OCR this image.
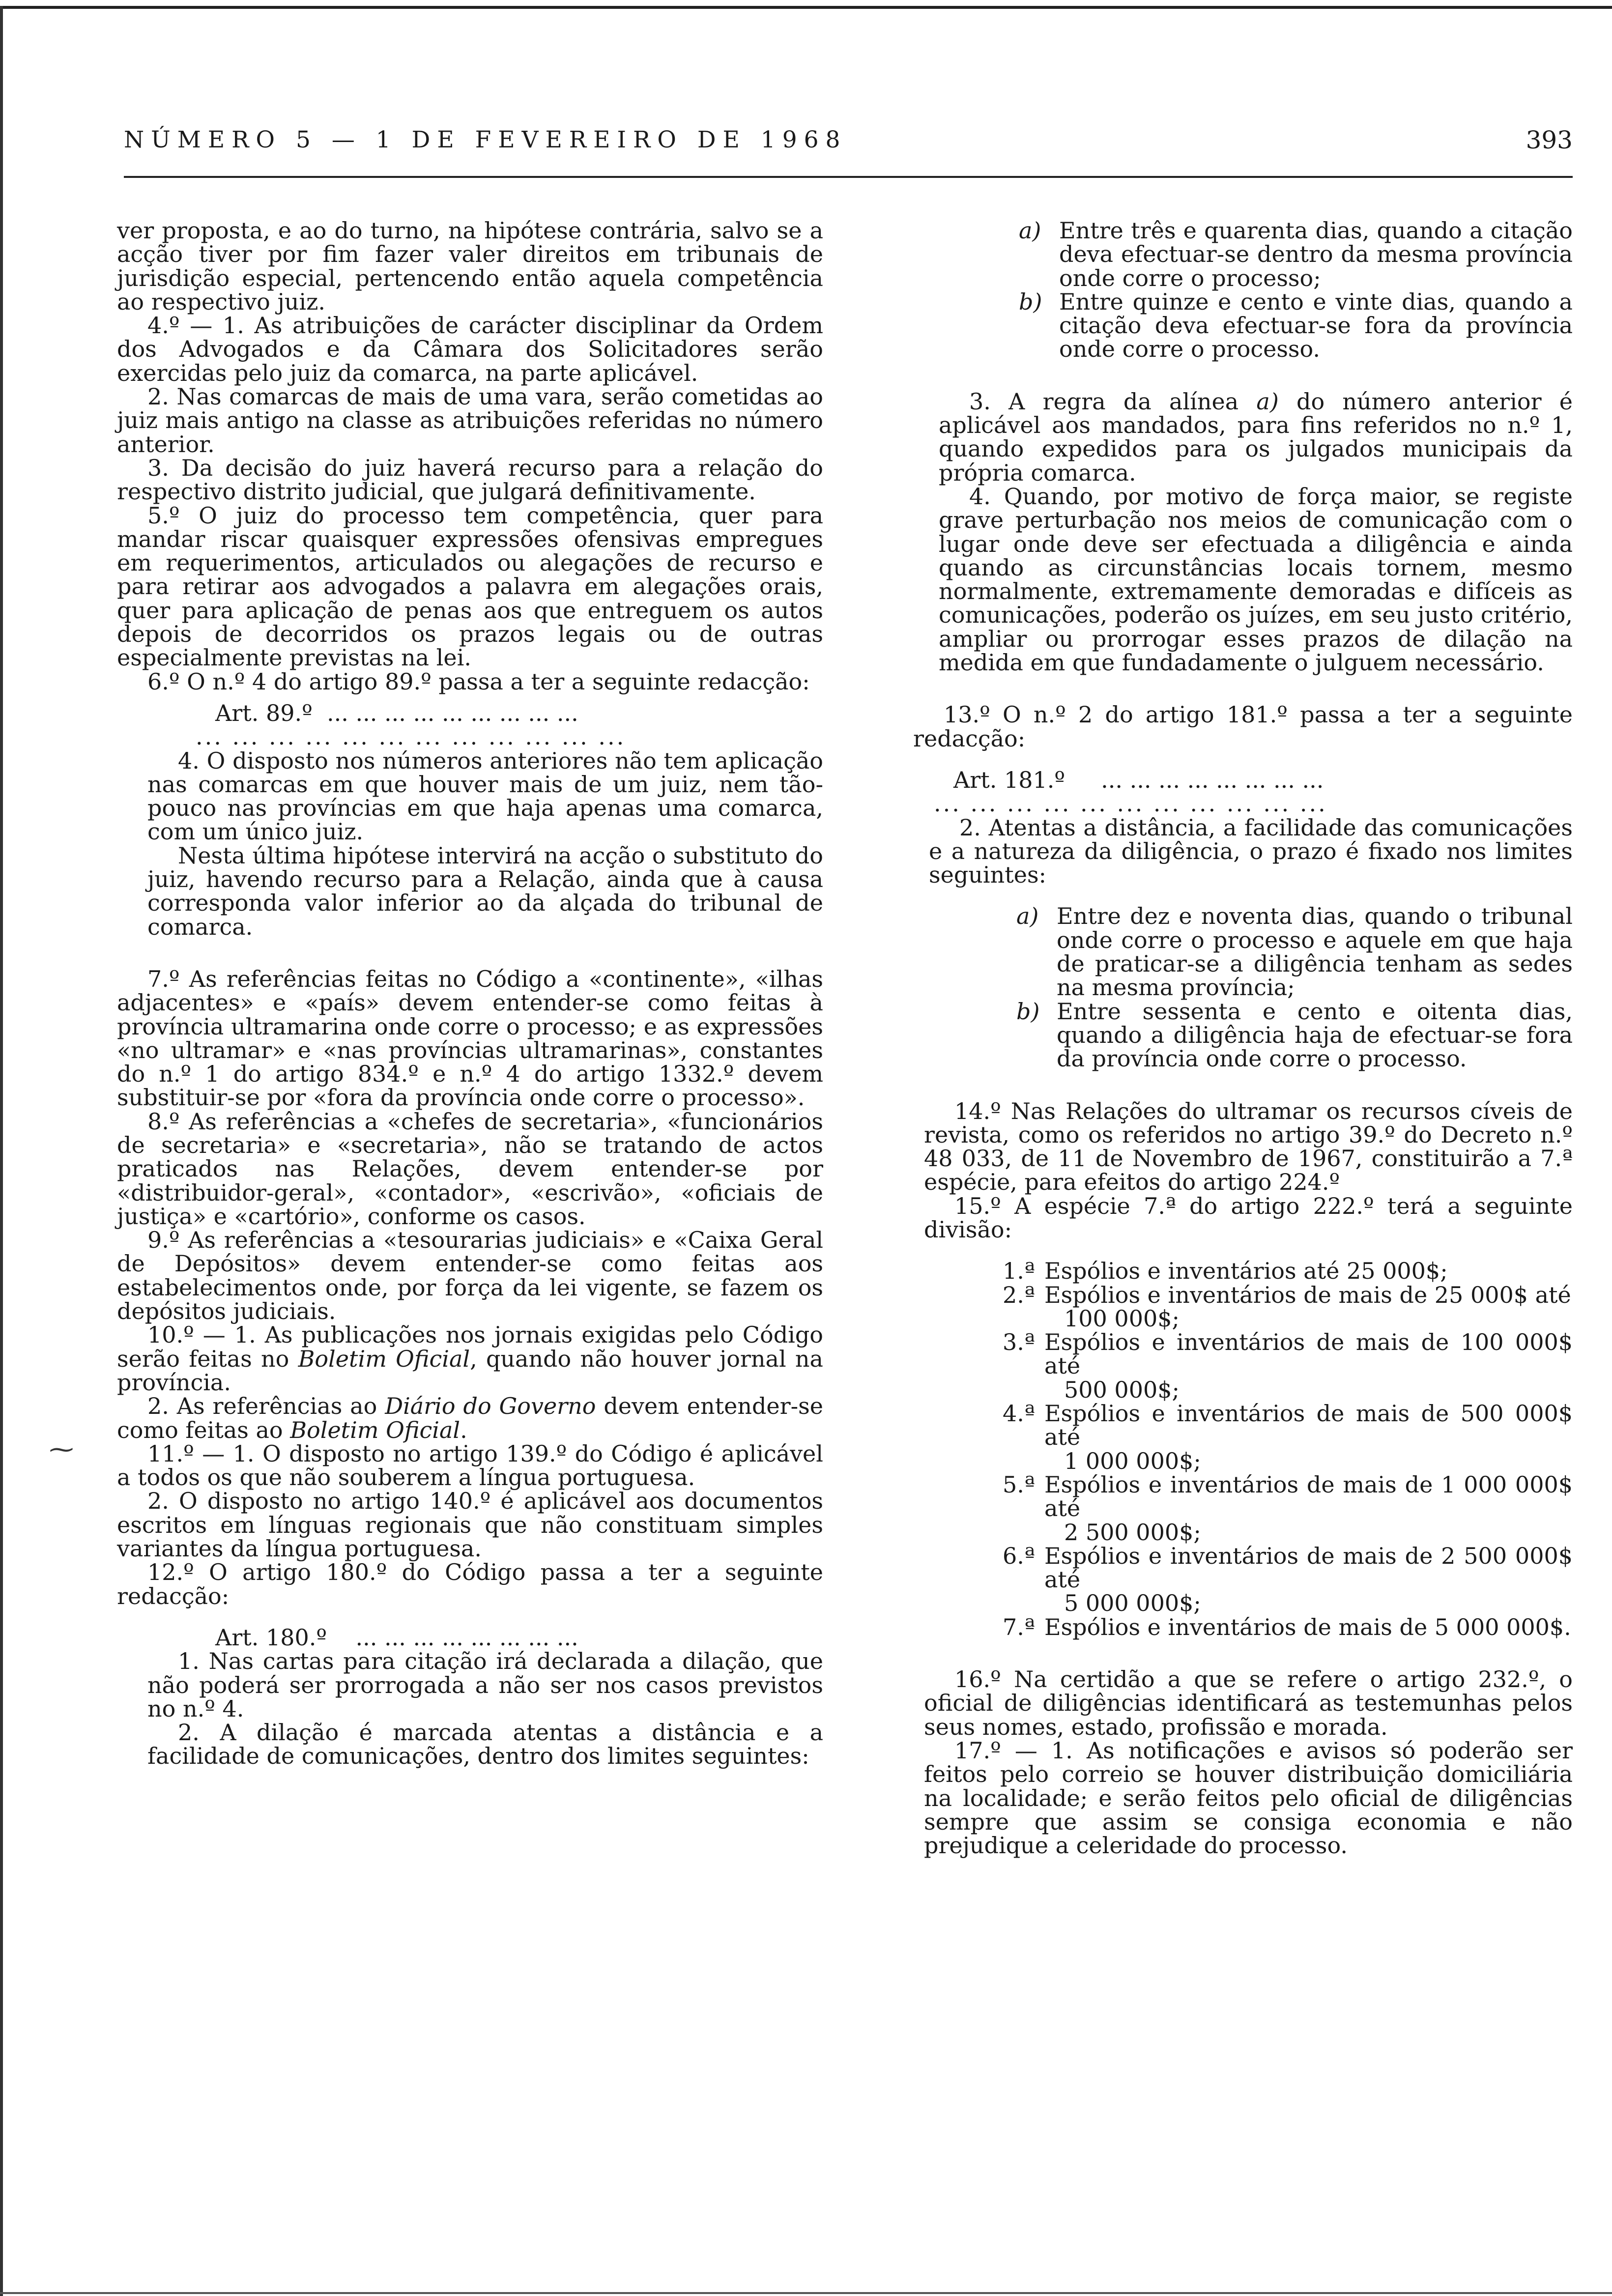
NÚMERO 5 — 1 DE FEVEREIRO DE 1968	393
⁓

ver proposta, e ao do turno, na hipótese contrária, salvo se a acção tiver por fim fazer valer direitos em tribunais de jurisdição especial, pertencendo então aquela competência ao respectivo juiz.

4.º — 1. As atribuições de carácter disciplinar da Ordem dos Advogados e da Câmara dos Solicitadores serão exercidas pelo juiz da comarca, na parte aplicável.

2. Nas comarcas de mais de uma vara, serão cometidas ao juiz mais antigo na classe as atribuições referidas no número anterior.

3. Da decisão do juiz haverá recurso para a relação do respectivo distrito judicial, que julgará definitivamente.

5.º O juiz do processo tem competência, quer para mandar riscar quaisquer expressões ofensivas empregues em requerimentos, articulados ou alegações de recurso e para retirar aos advogados a palavra em alegações orais, quer para aplicação de penas aos que entreguem os autos depois de decorridos os prazos legais ou de outras especialmente previstas na lei.

6.º O n.º 4 do artigo 89.º passa a ter a seguinte redacção:

Art. 89.º ... ... ... ... ... ... ... ... ...

... ... ... ... ... ... ... ... ... ... ... ...

4. O disposto nos números anteriores não tem aplicação nas comarcas em que houver mais de um juiz, nem tão-pouco nas províncias em que haja apenas uma comarca, com um único juiz.

Nesta última hipótese intervirá na acção o substituto do juiz, havendo recurso para a Relação, ainda que à causa corresponda valor inferior ao da alçada do tribunal de comarca.

7.º As referências feitas no Código a «continente», «ilhas adjacentes» e «país» devem entender-se como feitas à província ultramarina onde corre o processo; e as expressões «no ultramar» e «nas províncias ultramarinas», constantes do n.º 1 do artigo 834.º e n.º 4 do artigo 1332.º devem substituir-se por «fora da província onde corre o processo».

8.º As referências a «chefes de secretaria», «funcionários de secretaria» e «secretaria», não se tratando de actos praticados nas Relações, devem entender-se por «distribuidor-geral», «contador», «escrivão», «oficiais de justiça» e «cartório», conforme os casos.

9.º As referências a «tesourarias judiciais» e «Caixa Geral de Depósitos» devem entender-se como feitas aos estabelecimentos onde, por força da lei vigente, se fazem os depósitos judiciais.

10.º — 1. As publicações nos jornais exigidas pelo Código serão feitas no Boletim Oficial, quando não houver jornal na província.

2. As referências ao Diário do Governo devem entender-se como feitas ao Boletim Oficial.

11.º — 1. O disposto no artigo 139.º do Código é aplicável a todos os que não souberem a língua portuguesa.

2. O disposto no artigo 140.º é aplicável aos documentos escritos em línguas regionais que não constituam simples variantes da língua portuguesa.

12.º O artigo 180.º do Código passa a ter a seguinte redacção:

Art. 180.º ... ... ... ... ... ... ... ...

1. Nas cartas para citação irá declarada a dilação, que não poderá ser prorrogada a não ser nos casos previstos no n.º 4.

2. A dilação é marcada atentas a distância e a facilidade de comunicações, dentro dos limites seguintes:

a) Entre três e quarenta dias, quando a citação deva efectuar-se dentro da mesma província onde corre o processo;

b) Entre quinze e cento e vinte dias, quando a citação deva efectuar-se fora da província onde corre o processo.

3. A regra da alínea a) do número anterior é aplicável aos mandados, para fins referidos no n.º 1, quando expedidos para os julgados municipais da própria comarca.

4. Quando, por motivo de força maior, se registe grave perturbação nos meios de comunicação com o lugar onde deve ser efectuada a diligência e ainda quando as circunstâncias locais tornem, mesmo normalmente, extremamente demoradas e difíceis as comunicações, poderão os juízes, em seu justo critério, ampliar ou prorrogar esses prazos de dilação na medida em que fundadamente o julguem necessário.

13.º O n.º 2 do artigo 181.º passa a ter a seguinte redacção:

Art. 181.º ... ... ... ... ... ... ... ...

... ... ... ... ... ... ... ... ... ... ...

2. Atentas a distância, a facilidade das comunicações e a natureza da diligência, o prazo é fixado nos limites seguintes:

a) Entre dez e noventa dias, quando o tribunal onde corre o processo e aquele em que haja de praticar-se a diligência tenham as sedes na mesma província;

b) Entre sessenta e cento e oitenta dias, quando a diligência haja de efectuar-se fora da província onde corre o processo.

14.º Nas Relações do ultramar os recursos cíveis de revista, como os referidos no artigo 39.º do Decreto n.º 48 033, de 11 de Novembro de 1967, constituirão a 7.ª espécie, para efeitos do artigo 224.º

15.º A espécie 7.ª do artigo 222.º terá a seguinte divisão:

1.ª Espólios e inventários até 25 000$;

2.ª Espólios e inventários de mais de 25 000$ até
100 000$;

3.ª Espólios e inventários de mais de 100 000$ até
500 000$;

4.ª Espólios e inventários de mais de 500 000$ até
1 000 000$;

5.ª Espólios e inventários de mais de 1 000 000$ até
2 500 000$;

6.ª Espólios e inventários de mais de 2 500 000$ até
5 000 000$;

7.ª Espólios e inventários de mais de 5 000 000$.

16.º Na certidão a que se refere o artigo 232.º, o oficial de diligências identificará as testemunhas pelos seus nomes, estado, profissão e morada.

17.º — 1. As notificações e avisos só poderão ser feitos pelo correio se houver distribuição domiciliária na localidade; e serão feitos pelo oficial de diligências sempre que assim se consiga economia e não prejudique a celeridade do processo.
